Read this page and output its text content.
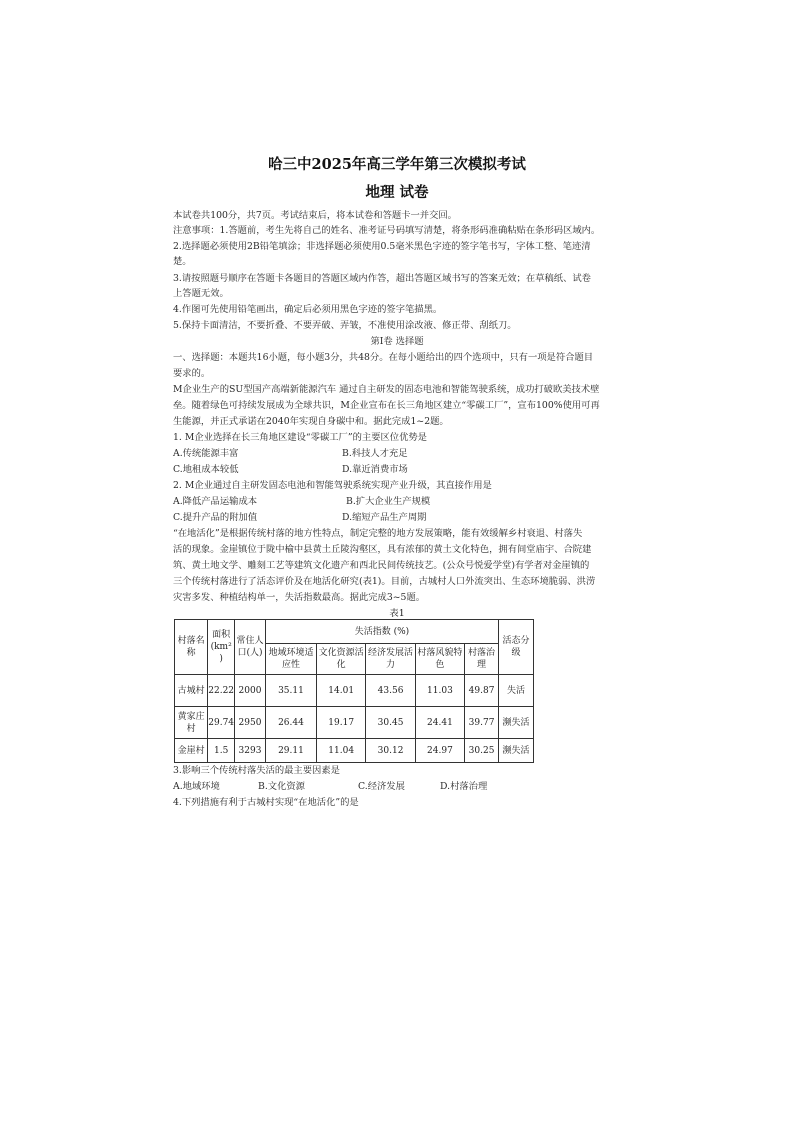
哈三中2025年高三学年第三次模拟考试
地理 试卷
本试卷共100分，共7页。考试结束后，将本试卷和答题卡一并交回。
注意事项：1.答题前，考生先将自己的姓名、准考证号码填写清楚，将条形码准确粘贴在条形码区域内。
2.选择题必须使用2B铅笔填涂；非选择题必须使用0.5毫米黑色字迹的签字笔书写，字体工整、笔迹清
楚。
3.请按照题号顺序在答题卡各题目的答题区域内作答，超出答题区域书写的答案无效；在草稿纸、试卷
上答题无效。
4.作图可先使用铅笔画出，确定后必须用黑色字迹的签字笔描黑。
5.保持卡面清洁，不要折叠、不要弄破、弄皱，不准使用涂改液、修正带、刮纸刀。
第Ⅰ卷 选择题
一、选择题：本题共16小题，每小题3分，共48分。在每小题给出的四个选项中，只有一项是符合题目
要求的。
M企业生产的SU型国产高端新能源汽车 通过自主研发的固态电池和智能驾驶系统，成功打破欧美技术壁
垒。随着绿色可持续发展成为全球共识，M企业宣布在长三角地区建立“零碳工厂”，宣布100%使用可再
生能源，并正式承诺在2040年实现自身碳中和。据此完成1~2题。
1. M企业选择在长三角地区建设“零碳工厂”的主要区位优势是
A.传统能源丰富	B.科技人才充足
C.地租成本较低	D.靠近消费市场
2. M企业通过自主研发固态电池和智能驾驶系统实现产业升级，其直接作用是
A.降低产品运输成本	B.扩大企业生产规模
C.提升产品的附加值	D.缩短产品生产周期
“在地活化”是根据传统村落的地方性特点，制定完整的地方发展策略，能有效缓解乡村衰退、村落失
活的现象。金崖镇位于陇中榆中县黄土丘陵沟壑区，具有浓郁的黄土文化特色，拥有间堂庙宇、合院建
筑、黄土地文学、雕刻工艺等建筑文化遗产和西北民间传统技艺。(公众号悦爱学堂)有学者对金崖镇的
三个传统村落进行了活态评价及在地活化研究(表1)。目前，古城村人口外流突出、生态环境脆弱、洪涝
灾害多发、种植结构单一，失活指数最高。据此完成3~5题。
表1
村落名称	面积
(km²
)	常住人口(人)	失活指数 (%)					活态分级
			地域环境适应性	文化资源活化	经济发展活力	村落风貌特色	村落治理	
古城村	22.22	2000	35.11	14.01	43.56	11.03	49.87	失活
黄家庄村	29.74	2950	26.44	19.17	30.45	24.41	39.77	濒失活
金崖村	1.5	3293	29.11	11.04	30.12	24.97	30.25	濒失活
3.影响三个传统村落失活的最主要因素是
A.地域环境	B.文化资源	C.经济发展	D.村落治理
4.下列措施有利于古城村实现“在地活化”的是
